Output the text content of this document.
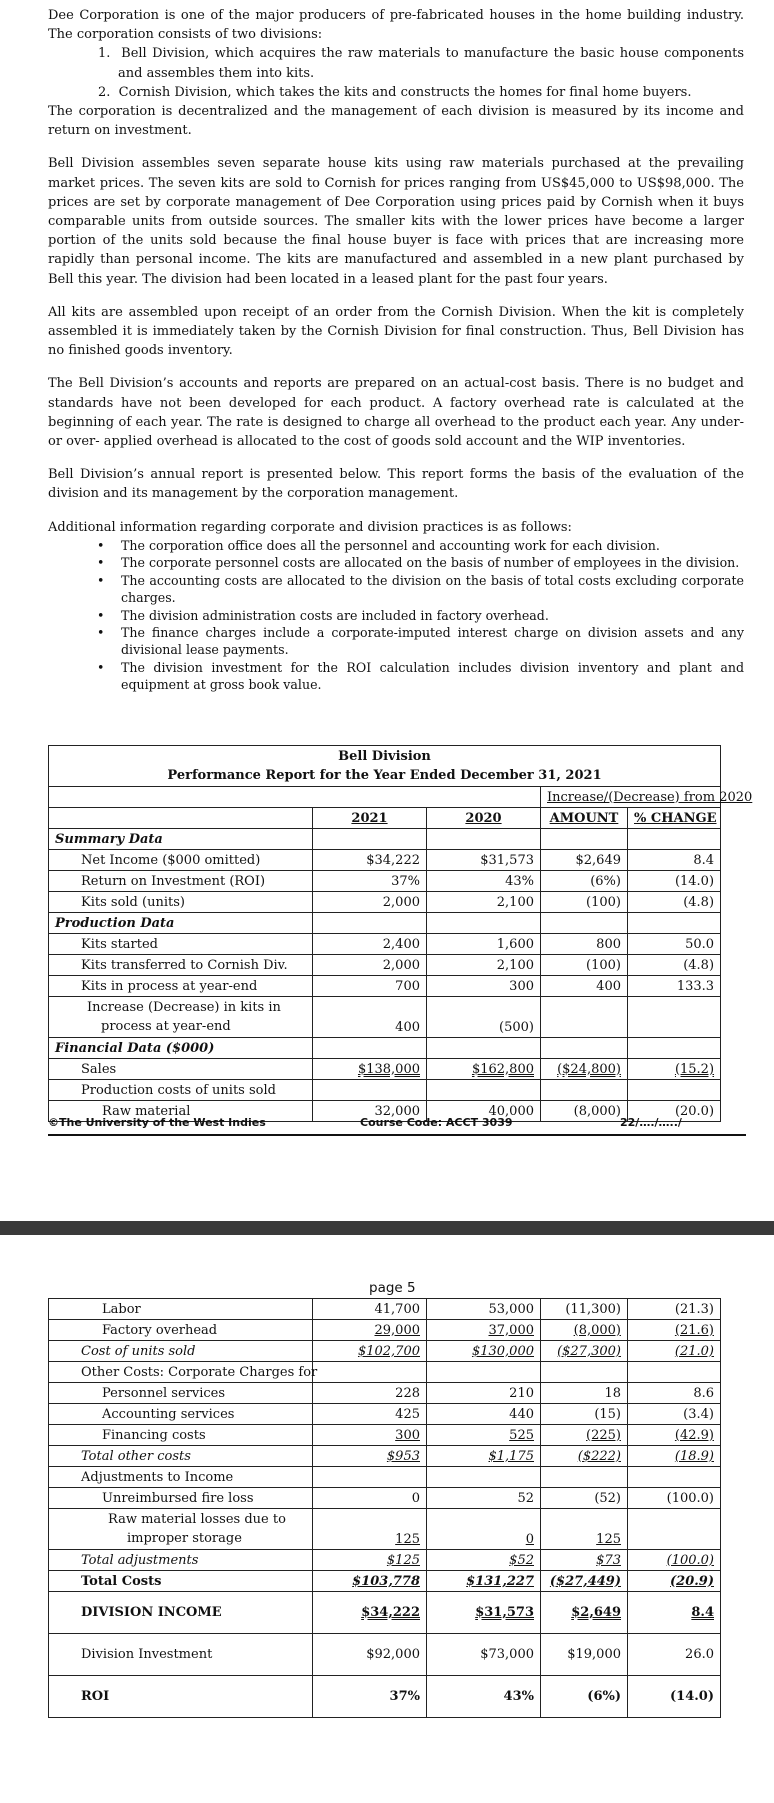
Dee Corporation is one of the major producers of pre-fabricated houses in the home building industry. The corporation consists of two divisions:

1.  Bell Division, which acquires the raw materials to manufacture the basic house components and assembles them into kits.
2.  Cornish Division, which takes the kits and constructs the homes for final home buyers.

The corporation is decentralized and the management of each division is measured by its income and return on investment.

Bell Division assembles seven separate house kits using raw materials purchased at the prevailing market prices. The seven kits are sold to Cornish for prices ranging from US$45,000 to US$98,000. The prices are set by corporate management of Dee Corporation using prices paid by Cornish when it buys comparable units from outside sources. The smaller kits with the lower prices have become a larger portion of the units sold because the final house buyer is face with prices that are increasing more rapidly than personal income. The kits are manufactured and assembled in a new plant purchased by Bell this year. The division had been located in a leased plant for the past four years.

All kits are assembled upon receipt of an order from the Cornish Division. When the kit is completely assembled it is immediately taken by the Cornish Division for final construction. Thus, Bell Division has no finished goods inventory.

The Bell Division’s accounts and reports are prepared on an actual-cost basis. There is no budget and standards have not been developed for each product. A factory overhead rate is calculated at the beginning of each year. The rate is designed to charge all overhead to the product each year. Any under- or over- applied overhead is allocated to the cost of goods sold account and the WIP inventories.

Bell Division’s annual report is presented below. This report forms the basis of the evaluation of the division and its management by the corporation management.

Additional information regarding corporate and division practices is as follows:

• The corporation office does all the personnel and accounting work for each division.
• The corporate personnel costs are allocated on the basis of number of employees in the division.
• The accounting costs are allocated to the division on the basis of total costs excluding corporate charges.
• The division administration costs are included in factory overhead.
• The finance charges include a corporate-imputed interest charge on division assets and any divisional lease payments.
• The division investment for the ROI calculation includes division inventory and plant and equipment at gross book value.
Bell Division
Performance Report for the Year Ended December 31, 2021				

			Increase/(Decrease) from 2020	
	2021	2020	AMOUNT	% CHANGE
Summary Data				
Net Income ($000 omitted)	$34,222	$31,573	$2,649	8.4
Return on Investment (ROI)	37%	43%	(6%)	(14.0)
Kits sold (units)	2,000	2,100	(100)	(4.8)
Production Data				
Kits started	2,400	1,600	800	50.0
Kits transferred to Cornish Div.	2,000	2,100	(100)	(4.8)
Kits in process at year-end	700	300	400	133.3

Increase (Decrease) in kits in
process at year-end	400	(500)		
Financial Data ($000)				
Sales	$138,000	$162,800	($24,800)	(15.2)
Production costs of units sold				
Raw material	32,000	40,000	(8,000)	(20.0)
©The University of the West Indies	Course Code: ACCT 3039	22/…./…../
page 5
Labor	41,700	53,000	(11,300)	(21.3)
Factory overhead	29,000	37,000	(8,000)	(21.6)
Cost of units sold	$102,700	$130,000	($27,300)	(21.0)
Other Costs: Corporate Charges for				
Personnel services	228	210	18	8.6
Accounting services	425	440	(15)	(3.4)
Financing costs	300	525	(225)	(42.9)
Total other costs	$953	$1,175	($222)	(18.9)
Adjustments to Income				
Unreimbursed fire loss	0	52	(52)	(100.0)

Raw material losses due to
improper storage	125	0	125	
Total adjustments	$125	$52	$73	(100.0)
Total Costs	$103,778	$131,227	($27,449)	(20.9)
DIVISION INCOME	$34,222	$31,573	$2,649	8.4
Division Investment	$92,000	$73,000	$19,000	26.0
ROI	37%	43%	(6%)	(14.0)
